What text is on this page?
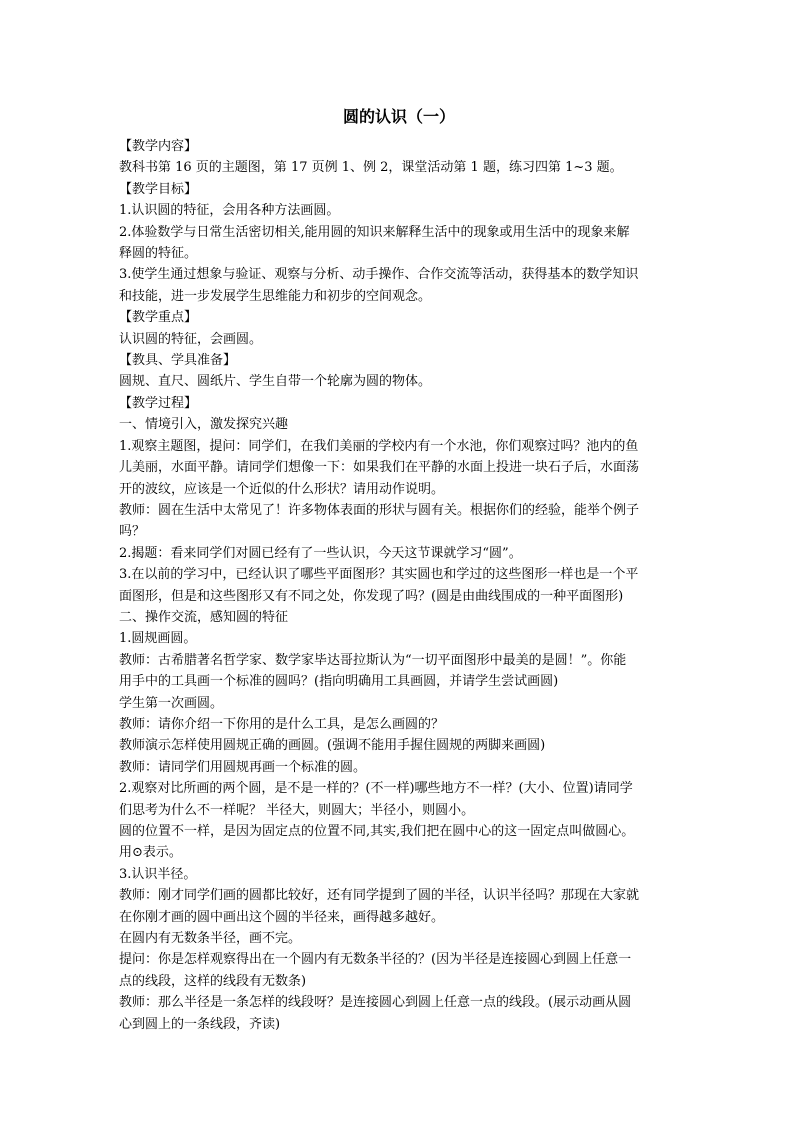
圆的认识（一）
【教学内容】
教科书第 16 页的主题图，第 17 页例 1、例 2，课堂活动第 1 题，练习四第 1~3 题。
【教学目标】
1.认识圆的特征，会用各种方法画圆。
2.体验数学与日常生活密切相关,能用圆的知识来解释生活中的现象或用生活中的现象来解
释圆的特征。
3.使学生通过想象与验证、观察与分析、动手操作、合作交流等活动，获得基本的数学知识
和技能，进一步发展学生思维能力和初步的空间观念。
【教学重点】
认识圆的特征，会画圆。
【教具、学具准备】
圆规、直尺、圆纸片、学生自带一个轮廓为圆的物体。
【教学过程】
一、情境引入，激发探究兴趣
1.观察主题图，提问：同学们，在我们美丽的学校内有一个水池，你们观察过吗？池内的鱼
儿美丽，水面平静。请同学们想像一下：如果我们在平静的水面上投进一块石子后，水面荡
开的波纹，应该是一个近似的什么形状？请用动作说明。
教师：圆在生活中太常见了！许多物体表面的形状与圆有关。根据你们的经验，能举个例子
吗？
2.揭题：看来同学们对圆已经有了一些认识，今天这节课就学习“圆”。
3.在以前的学习中，已经认识了哪些平面图形？其实圆也和学过的这些图形一样也是一个平
面图形，但是和这些图形又有不同之处，你发现了吗？(圆是由曲线围成的一种平面图形)
二、操作交流，感知圆的特征
1.圆规画圆。
教师：古希腊著名哲学家、数学家毕达哥拉斯认为“一切平面图形中最美的是圆！”。你能
用手中的工具画一个标准的圆吗？(指向明确用工具画圆，并请学生尝试画圆)
学生第一次画圆。
教师：请你介绍一下你用的是什么工具，是怎么画圆的？
教师演示怎样使用圆规正确的画圆。(强调不能用手握住圆规的两脚来画圆)
教师：请同学们用圆规再画一个标准的圆。
2.观察对比所画的两个圆，是不是一样的？(不一样)哪些地方不一样？(大小、位置)请同学
们思考为什么不一样呢？ 半径大，则圆大；半径小，则圆小。
圆的位置不一样，是因为固定点的位置不同,其实,我们把在圆中心的这一固定点叫做圆心。
用⊙表示。
3.认识半径。
教师：刚才同学们画的圆都比较好，还有同学提到了圆的半径，认识半径吗？那现在大家就
在你刚才画的圆中画出这个圆的半径来，画得越多越好。
在圆内有无数条半径，画不完。
提问：你是怎样观察得出在一个圆内有无数条半径的？(因为半径是连接圆心到圆上任意一
点的线段，这样的线段有无数条)
教师：那么半径是一条怎样的线段呀？是连接圆心到圆上任意一点的线段。(展示动画从圆
心到圆上的一条线段，齐读)
